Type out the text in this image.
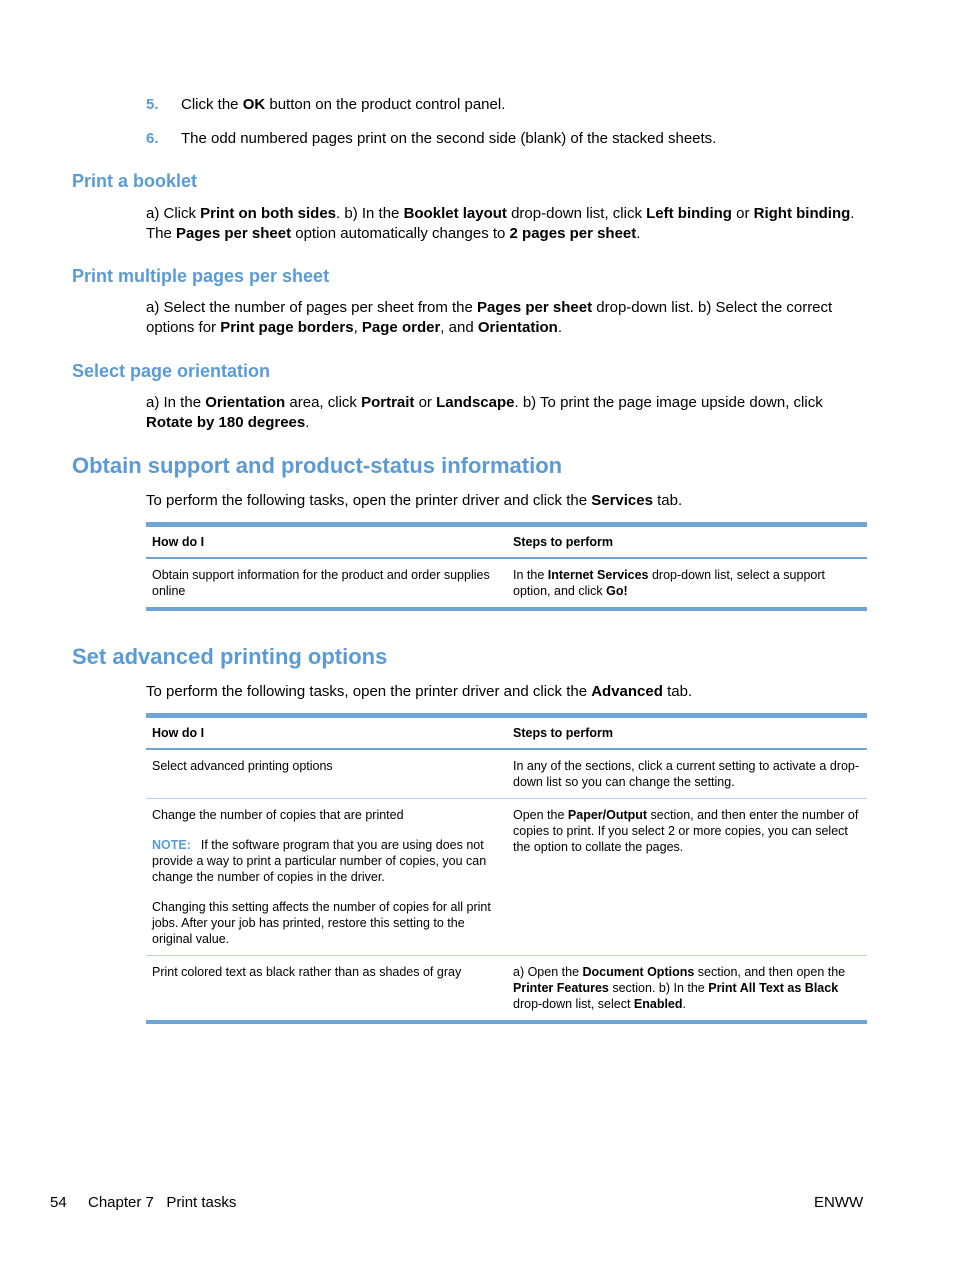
5.	Click the OK button on the product control panel.
6.	The odd numbered pages print on the second side (blank) of the stacked sheets.
Print a booklet

a) Click Print on both sides. b) In the Booklet layout drop-down list, click Left binding or Right binding. The Pages per sheet option automatically changes to 2 pages per sheet.

Print multiple pages per sheet

a) Select the number of pages per sheet from the Pages per sheet drop-down list. b) Select the correct options for Print page borders, Page order, and Orientation.

Select page orientation

a) In the Orientation area, click Portrait or Landscape. b) To print the page image upside down, click Rotate by 180 degrees.

Obtain support and product-status information

To perform the following tasks, open the printer driver and click the Services tab.

How do I	Steps to perform
Obtain support information for the product and order supplies online	In the Internet Services drop-down list, select a support option, and click Go!
Set advanced printing options

To perform the following tasks, open the printer driver and click the Advanced tab.

How do I	Steps to perform
Select advanced printing options	In any of the sections, click a current setting to activate a drop-down list so you can change the setting.

Change the number of copies that are printed

NOTE: If the software program that you are using does not provide a way to print a particular number of copies, you can change the number of copies in the driver.

Changing this setting affects the number of copies for all print jobs. After your job has printed, restore this setting to the original value.	Open the Paper/Output section, and then enter the number of copies to print. If you select 2 or more copies, you can select the option to collate the pages.
Print colored text as black rather than as shades of gray	a) Open the Document Options section, and then open the Printer Features section. b) In the Print All Text as Black drop-down list, select Enabled.
54 Chapter 7   Print tasks	ENWW
